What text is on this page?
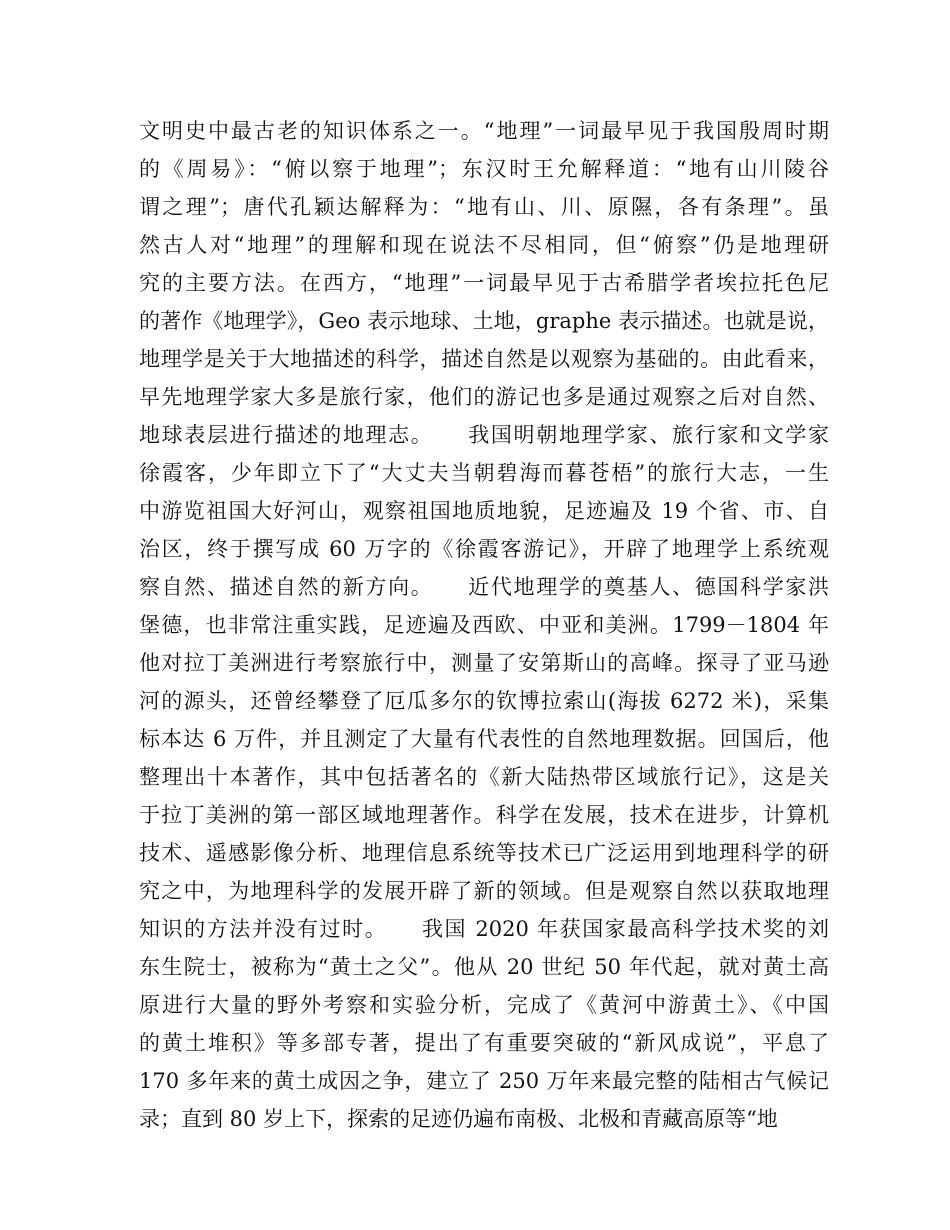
文明史中最古老的知识体系之一。“地理”一词最早见于我国殷周时期
的《周易》：“俯以察于地理”；东汉时王允解释道：“地有山川陵谷
谓之理”；唐代孔颖达解释为：“地有山、川、原隰，各有条理”。虽
然古人对“地理”的理解和现在说法不尽相同，但“俯察”仍是地理研
究的主要方法。在西方，“地理”一词最早见于古希腊学者埃拉托色尼
的著作《地理学》，Geo 表示地球、土地，graphe 表示描述。也就是说，
地理学是关于大地描述的科学，描述自然是以观察为基础的。由此看来，
早先地理学家大多是旅行家，他们的游记也多是通过观察之后对自然、
地球表层进行描述的地理志。　　我国明朝地理学家、旅行家和文学家
徐霞客，少年即立下了“大丈夫当朝碧海而暮苍梧”的旅行大志，一生
中游览祖国大好河山，观察祖国地质地貌，足迹遍及 19 个省、市、自
治区，终于撰写成 60 万字的《徐霞客游记》，开辟了地理学上系统观
察自然、描述自然的新方向。　　近代地理学的奠基人、德国科学家洪
堡德，也非常注重实践，足迹遍及西欧、中亚和美洲。1799－1804 年
他对拉丁美洲进行考察旅行中，测量了安第斯山的高峰。探寻了亚马逊
河的源头，还曾经攀登了厄瓜多尔的钦博拉索山(海拔 6272 米)，采集
标本达 6 万件，并且测定了大量有代表性的自然地理数据。回国后，他
整理出十本著作，其中包括著名的《新大陆热带区域旅行记》，这是关
于拉丁美洲的第一部区域地理著作。科学在发展，技术在进步，计算机
技术、遥感影像分析、地理信息系统等技术已广泛运用到地理科学的研
究之中，为地理科学的发展开辟了新的领域。但是观察自然以获取地理
知识的方法并没有过时。　　我国 2020 年获国家最高科学技术奖的刘
东生院士，被称为“黄土之父”。他从 20 世纪 50 年代起，就对黄土高
原进行大量的野外考察和实验分析，完成了《黄河中游黄土》、《中国
的黄土堆积》等多部专著，提出了有重要突破的“新风成说”，平息了
170 多年来的黄土成因之争，建立了 250 万年来最完整的陆相古气候记
录；直到 80 岁上下，探索的足迹仍遍布南极、北极和青藏高原等“地
